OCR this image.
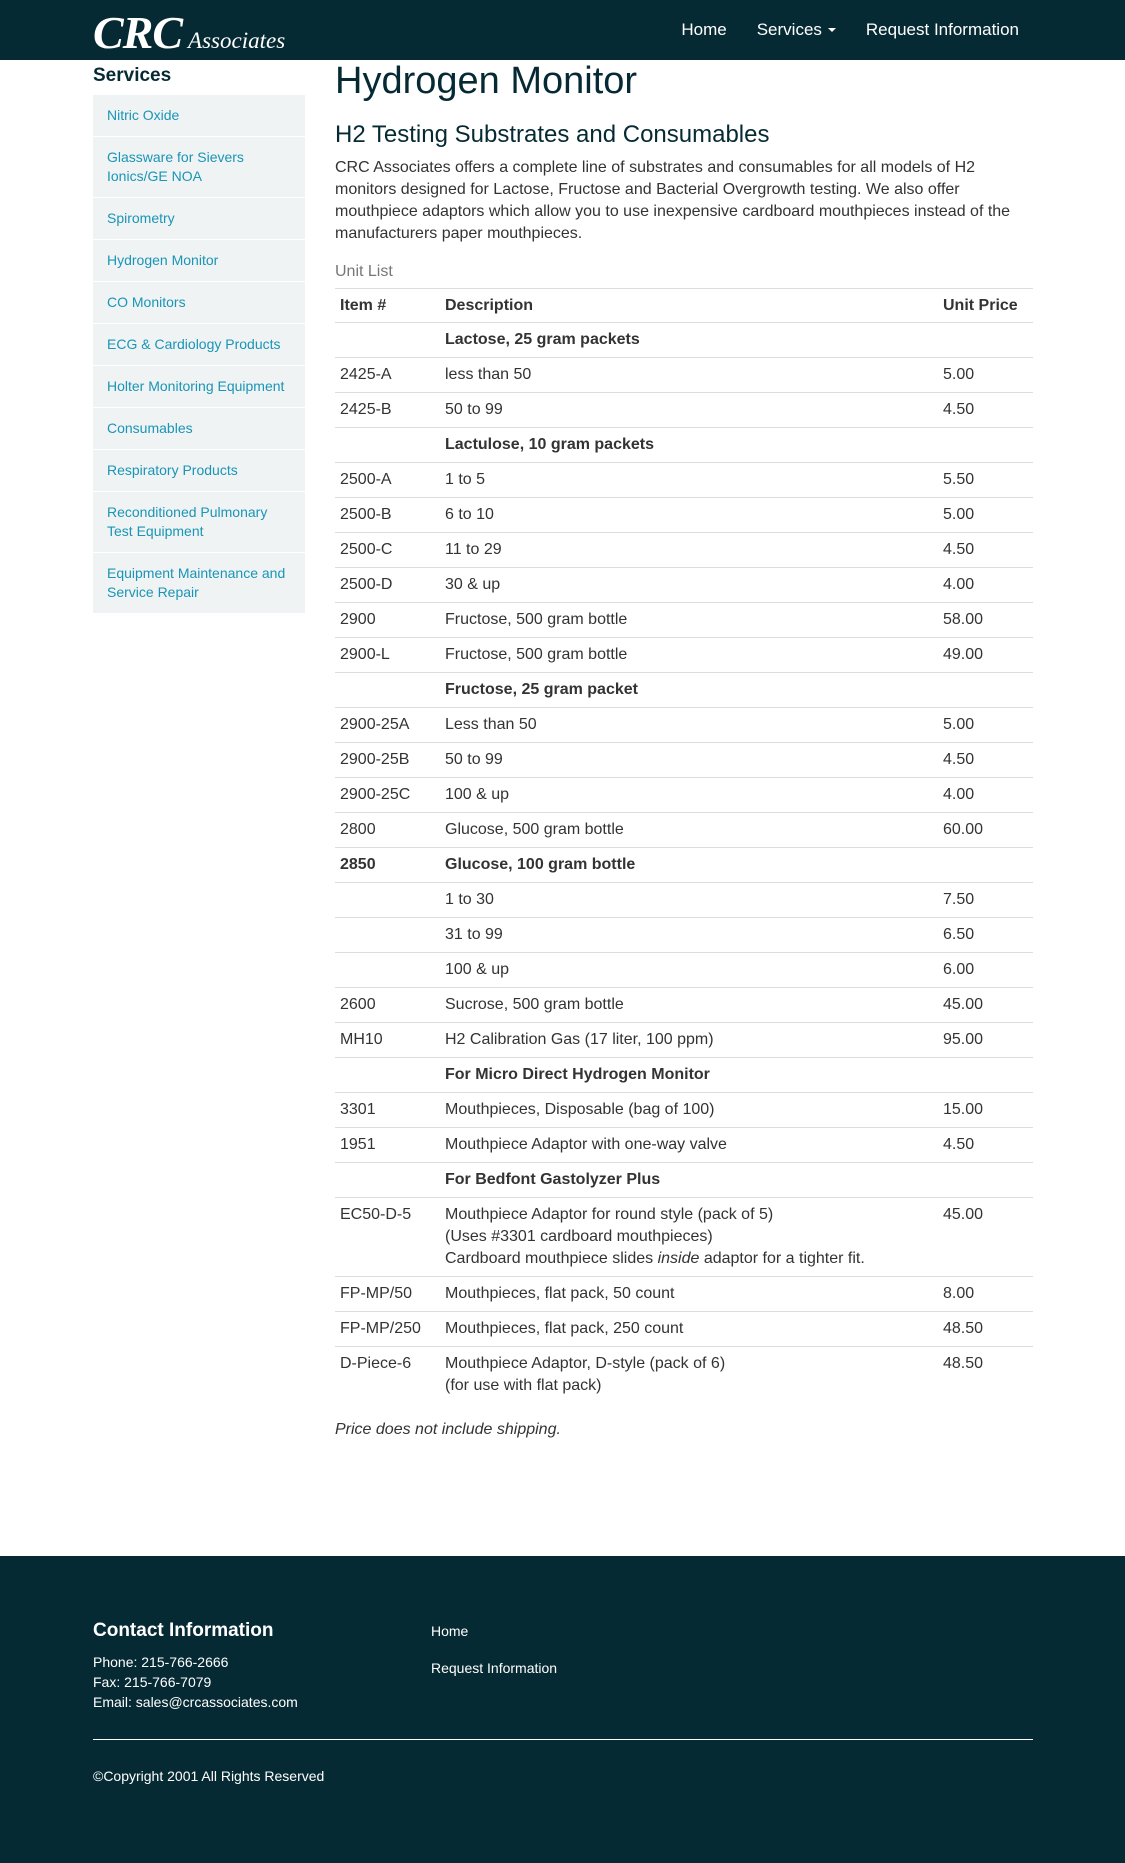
CRC Associates	Home Services	Request Information
Services
Nitric Oxide
Glassware for Sievers Ionics/GE NOA
Spirometry
Hydrogen Monitor
CO Monitors
ECG & Cardiology Products
Holter Monitoring Equipment
Consumables
Respiratory Products
Reconditioned Pulmonary Test Equipment
Equipment Maintenance and Service Repair
Hydrogen Monitor
H2 Testing Substrates and Consumables

CRC Associates offers a complete line of substrates and consumables for all models of H2 monitors designed for Lactose, Fructose and Bacterial Overgrowth testing. We also offer mouthpiece adaptors which allow you to use inexpensive cardboard mouthpieces instead of the manufacturers paper mouthpieces.

Unit List
Item #	Description	Unit Price

	Lactose, 25 gram packets	

2425-A	less than 50	5.00
2425-B	50 to 99	4.50

	Lactulose, 10 gram packets	

2500-A	1 to 5	5.50
2500-B	6 to 10	5.00
2500-C	11 to 29	4.50
2500-D	30 & up	4.00
2900	Fructose, 500 gram bottle	58.00
2900-L	Fructose, 500 gram bottle	49.00

	Fructose, 25 gram packet	

2900-25A	Less than 50	5.00
2900-25B	50 to 99	4.50
2900-25C	100 & up	4.00
2800	Glucose, 500 gram bottle	60.00
2850	Glucose, 100 gram bottle	

	1 to 30	7.50

	31 to 99	6.50

	100 & up	6.00
2600	Sucrose, 500 gram bottle	45.00
MH10	H2 Calibration Gas (17 liter, 100 ppm)	95.00

	For Micro Direct Hydrogen Monitor	

3301	Mouthpieces, Disposable (bag of 100)	15.00
1951	Mouthpiece Adaptor with one-way valve	4.50

	For Bedfont Gastolyzer Plus	

EC50-D-5	Mouthpiece Adaptor for round style (pack of 5)
(Uses #3301 cardboard mouthpieces)
Cardboard mouthpiece slides inside adaptor for a tighter fit.	45.00
FP-MP/50	Mouthpieces, flat pack, 50 count	8.00
FP-MP/250	Mouthpieces, flat pack, 250 count	48.50
D-Piece-6	Mouthpiece Adaptor, D-style (pack of 6)
(for use with flat pack)	48.50

Price does not include shipping.

Contact Information

Phone: 215-766-2666

Fax: 215-766-7079

Email: sales@crcassociates.com

Home
Request Information
©Copyright 2001 All Rights Reserved
